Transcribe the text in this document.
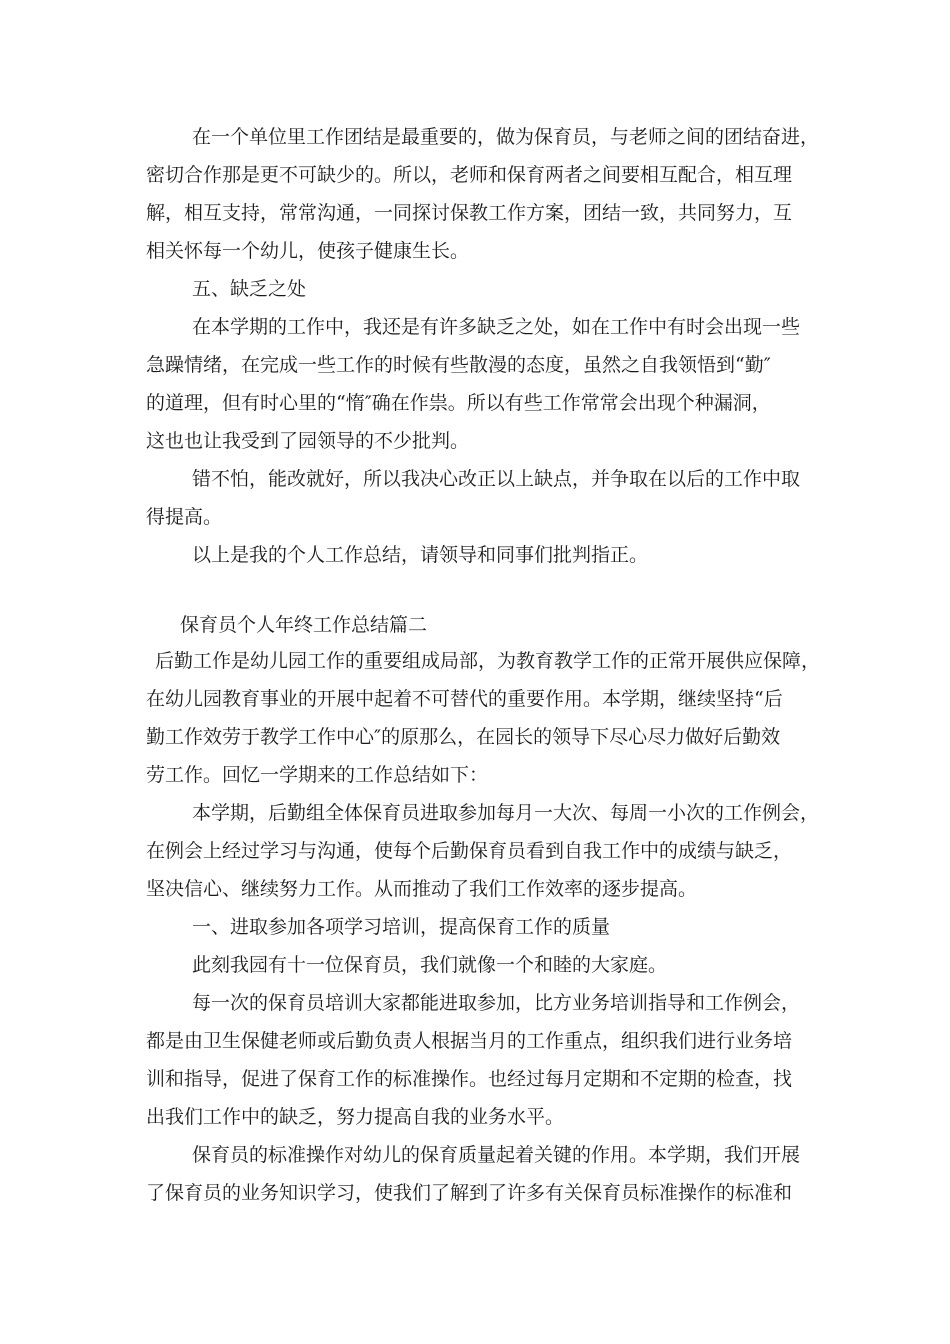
在一个单位里工作团结是最重要的，做为保育员，与老师之间的团结奋进，
密切合作那是更不可缺少的。所以，老师和保育两者之间要相互配合，相互理
解，相互支持，常常沟通，一同探讨保教工作方案，团结一致，共同努力，互
相关怀每一个幼儿，使孩子健康生长。
五、缺乏之处
在本学期的工作中，我还是有许多缺乏之处，如在工作中有时会出现一些
急躁情绪，在完成一些工作的时候有些散漫的态度，虽然之自我领悟到“勤″
的道理，但有时心里的“惰″确在作祟。所以有些工作常常会出现个种漏洞，
这也也让我受到了园领导的不少批判。
错不怕，能改就好，所以我决心改正以上缺点，并争取在以后的工作中取
得提高。
以上是我的个人工作总结，请领导和同事们批判指正。
保育员个人年终工作总结篇二
后勤工作是幼儿园工作的重要组成局部，为教育教学工作的正常开展供应保障，
在幼儿园教育事业的开展中起着不可替代的重要作用。本学期，继续坚持“后
勤工作效劳于教学工作中心″的原那么，在园长的领导下尽心尽力做好后勤效
劳工作。回忆一学期来的工作总结如下：
本学期，后勤组全体保育员进取参加每月一大次、每周一小次的工作例会，
在例会上经过学习与沟通，使每个后勤保育员看到自我工作中的成绩与缺乏，
坚决信心、继续努力工作。从而推动了我们工作效率的逐步提高。
一、进取参加各项学习培训，提高保育工作的质量
此刻我园有十一位保育员，我们就像一个和睦的大家庭。
每一次的保育员培训大家都能进取参加，比方业务培训指导和工作例会，
都是由卫生保健老师或后勤负责人根据当月的工作重点，组织我们进行业务培
训和指导，促进了保育工作的标准操作。也经过每月定期和不定期的检查，找
出我们工作中的缺乏，努力提高自我的业务水平。
保育员的标准操作对幼儿的保育质量起着关键的作用。本学期，我们开展
了保育员的业务知识学习，使我们了解到了许多有关保育员标准操作的标准和
